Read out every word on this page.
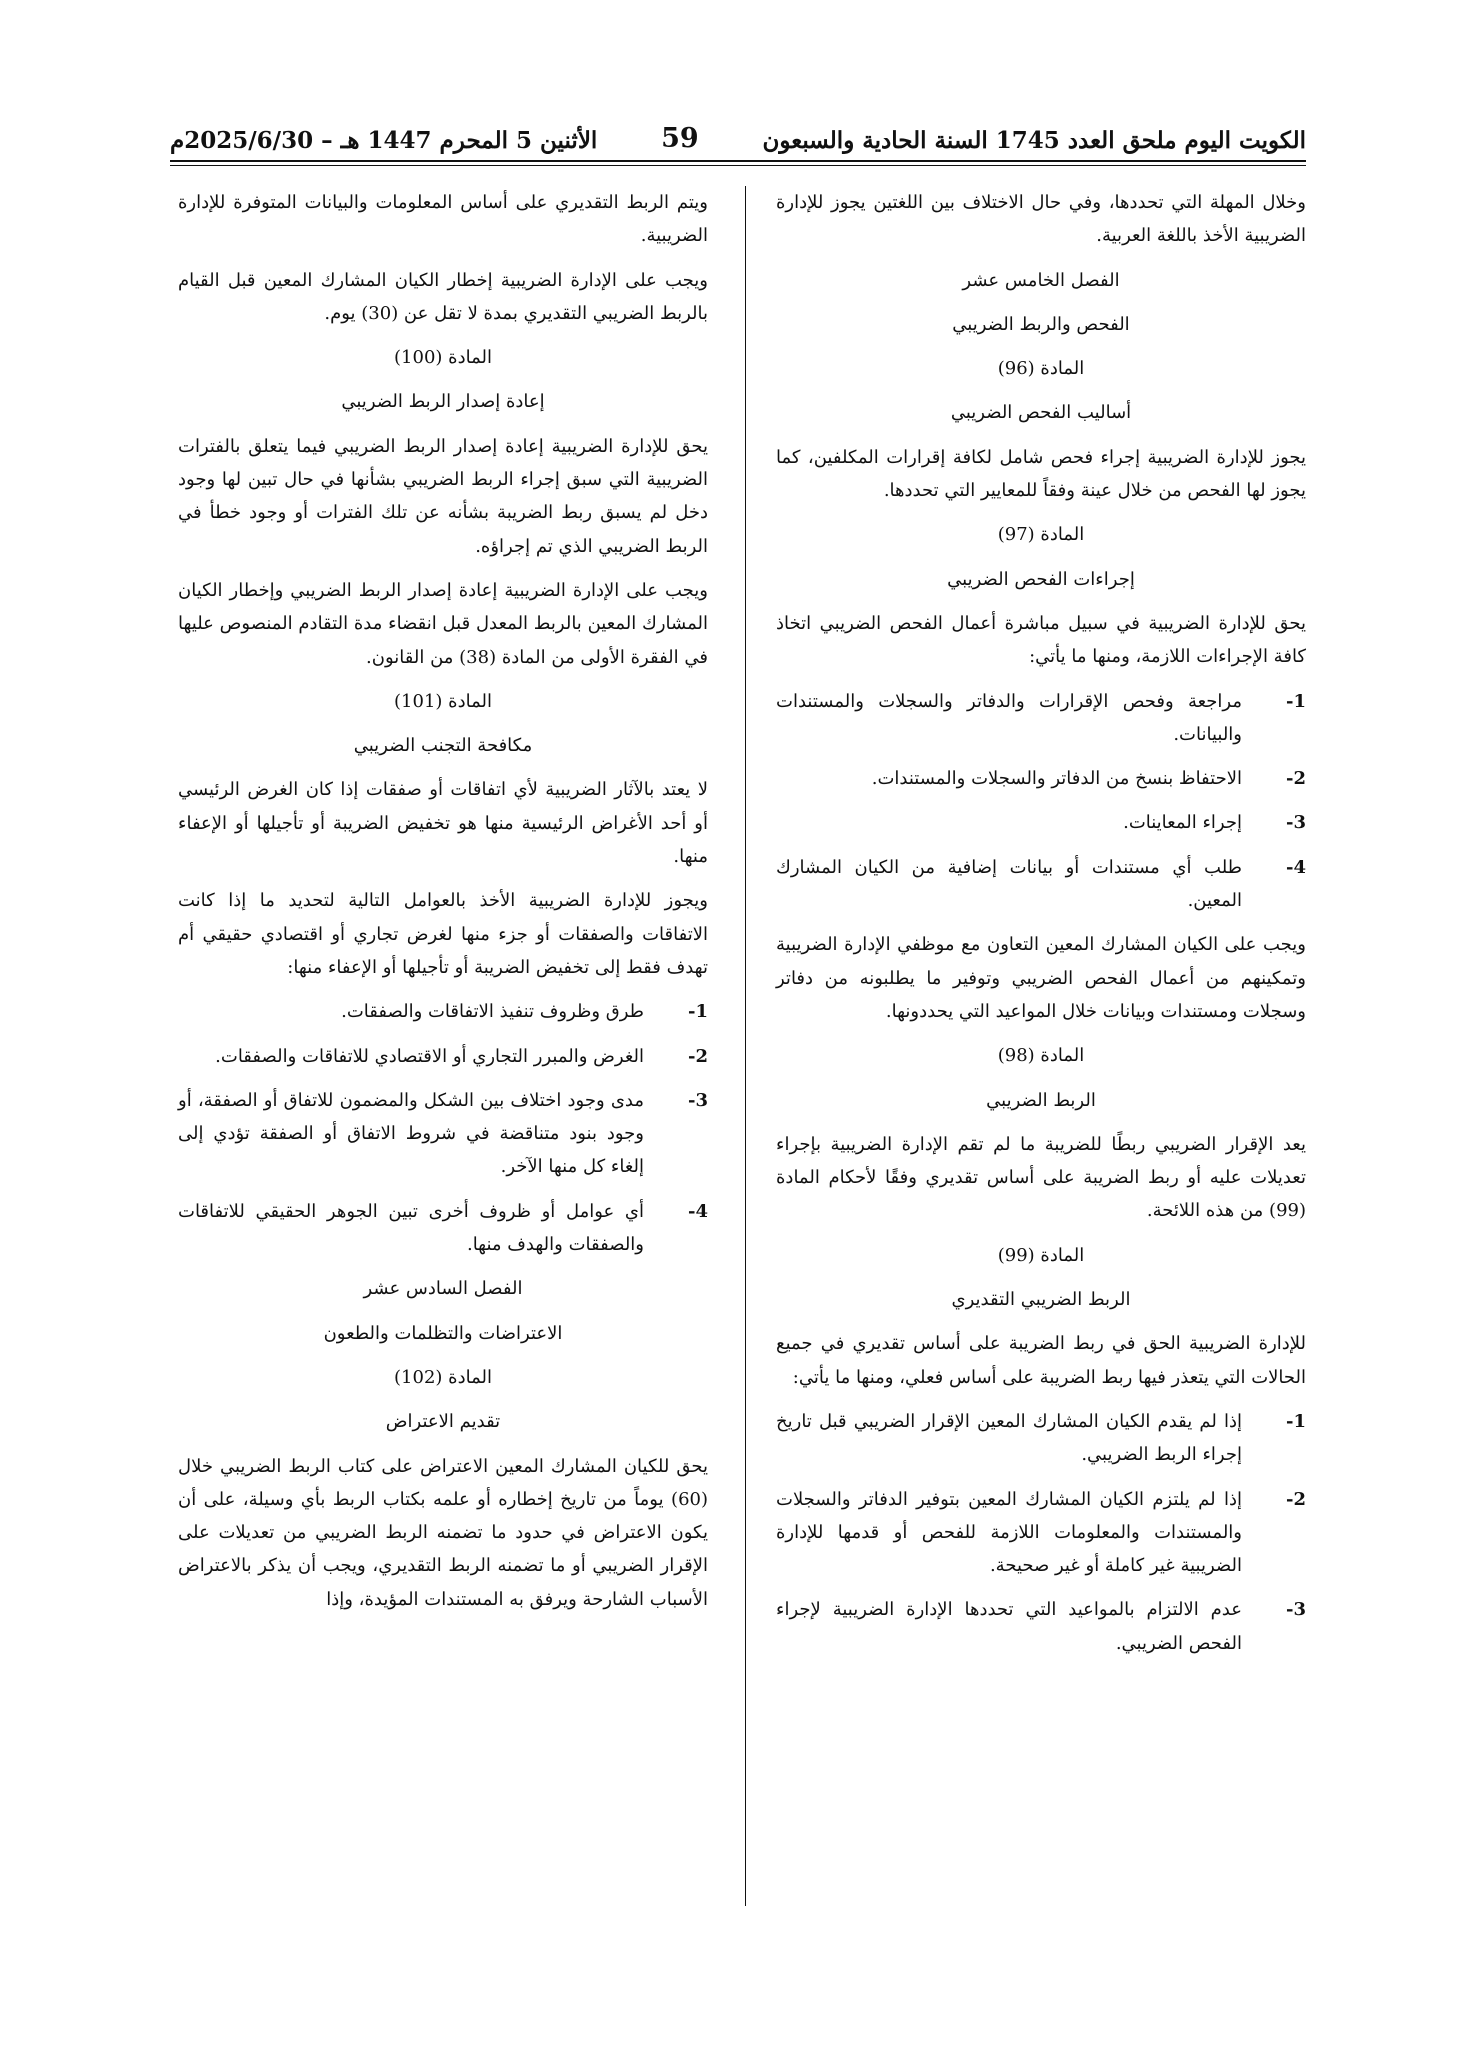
الكويت اليوم ملحق العدد 1745 السنة الحادية والسبعون
59
الأثنين 5 المحرم 1447 هـ – 2025/6/30م
وخلال المهلة التي تحددها، وفي حال الاختلاف بين اللغتين يجوز للإدارة الضريبية الأخذ باللغة العربية.
الفصل الخامس عشر
الفحص والربط الضريبي
المادة (96)
أساليب الفحص الضريبي
يجوز للإدارة الضريبية إجراء فحص شامل لكافة إقرارات المكلفين، كما يجوز لها الفحص من خلال عينة وفقاً للمعايير التي تحددها.
المادة (97)
إجراءات الفحص الضريبي
يحق للإدارة الضريبية في سبيل مباشرة أعمال الفحص الضريبي اتخاذ كافة الإجراءات اللازمة، ومنها ما يأتي:
1-
مراجعة وفحص الإقرارات والدفاتر والسجلات والمستندات والبيانات.
2-
الاحتفاظ بنسخ من الدفاتر والسجلات والمستندات.
3-
إجراء المعاينات.
4-
طلب أي مستندات أو بيانات إضافية من الكيان المشارك المعين.
ويجب على الكيان المشارك المعين التعاون مع موظفي الإدارة الضريبية وتمكينهم من أعمال الفحص الضريبي وتوفير ما يطلبونه من دفاتر وسجلات ومستندات وبيانات خلال المواعيد التي يحددونها.
المادة (98)
الربط الضريبي
يعد الإقرار الضريبي ربطًا للضريبة ما لم تقم الإدارة الضريبية بإجراء تعديلات عليه أو ربط الضريبة على أساس تقديري وفقًا لأحكام المادة (99) من هذه اللائحة.
المادة (99)
الربط الضريبي التقديري
للإدارة الضريبية الحق في ربط الضريبة على أساس تقديري في جميع الحالات التي يتعذر فيها ربط الضريبة على أساس فعلي، ومنها ما يأتي:
1-
إذا لم يقدم الكيان المشارك المعين الإقرار الضريبي قبل تاريخ إجراء الربط الضريبي.
2-
إذا لم يلتزم الكيان المشارك المعين بتوفير الدفاتر والسجلات والمستندات والمعلومات اللازمة للفحص أو قدمها للإدارة الضريبية غير كاملة أو غير صحيحة.
3-
عدم الالتزام بالمواعيد التي تحددها الإدارة الضريبية لإجراء الفحص الضريبي.
ويتم الربط التقديري على أساس المعلومات والبيانات المتوفرة للإدارة الضريبية.
ويجب على الإدارة الضريبية إخطار الكيان المشارك المعين قبل القيام بالربط الضريبي التقديري بمدة لا تقل عن (30) يوم.
المادة (100)
إعادة إصدار الربط الضريبي
يحق للإدارة الضريبية إعادة إصدار الربط الضريبي فيما يتعلق بالفترات الضريبية التي سبق إجراء الربط الضريبي بشأنها في حال تبين لها وجود دخل لم يسبق ربط الضريبة بشأنه عن تلك الفترات أو وجود خطأ في الربط الضريبي الذي تم إجراؤه.
ويجب على الإدارة الضريبية إعادة إصدار الربط الضريبي وإخطار الكيان المشارك المعين بالربط المعدل قبل انقضاء مدة التقادم المنصوص عليها في الفقرة الأولى من المادة (38) من القانون.
المادة (101)
مكافحة التجنب الضريبي
لا يعتد بالآثار الضريبية لأي اتفاقات أو صفقات إذا كان الغرض الرئيسي أو أحد الأغراض الرئيسية منها هو تخفيض الضريبة أو تأجيلها أو الإعفاء منها.
ويجوز للإدارة الضريبية الأخذ بالعوامل التالية لتحديد ما إذا كانت الاتفاقات والصفقات أو جزء منها لغرض تجاري أو اقتصادي حقيقي أم تهدف فقط إلى تخفيض الضريبة أو تأجيلها أو الإعفاء منها:
1-
طرق وظروف تنفيذ الاتفاقات والصفقات.
2-
الغرض والمبرر التجاري أو الاقتصادي للاتفاقات والصفقات.
3-
مدى وجود اختلاف بين الشكل والمضمون للاتفاق أو الصفقة، أو وجود بنود متناقضة في شروط الاتفاق أو الصفقة تؤدي إلى إلغاء كل منها الآخر.
4-
أي عوامل أو ظروف أخرى تبين الجوهر الحقيقي للاتفاقات والصفقات والهدف منها.
الفصل السادس عشر
الاعتراضات والتظلمات والطعون
المادة (102)
تقديم الاعتراض
يحق للكيان المشارك المعين الاعتراض على كتاب الربط الضريبي خلال (60) يوماً من تاريخ إخطاره أو علمه بكتاب الربط بأي وسيلة، على أن يكون الاعتراض في حدود ما تضمنه الربط الضريبي من تعديلات على الإقرار الضريبي أو ما تضمنه الربط التقديري، ويجب أن يذكر بالاعتراض الأسباب الشارحة ويرفق به المستندات المؤيدة، وإذا
